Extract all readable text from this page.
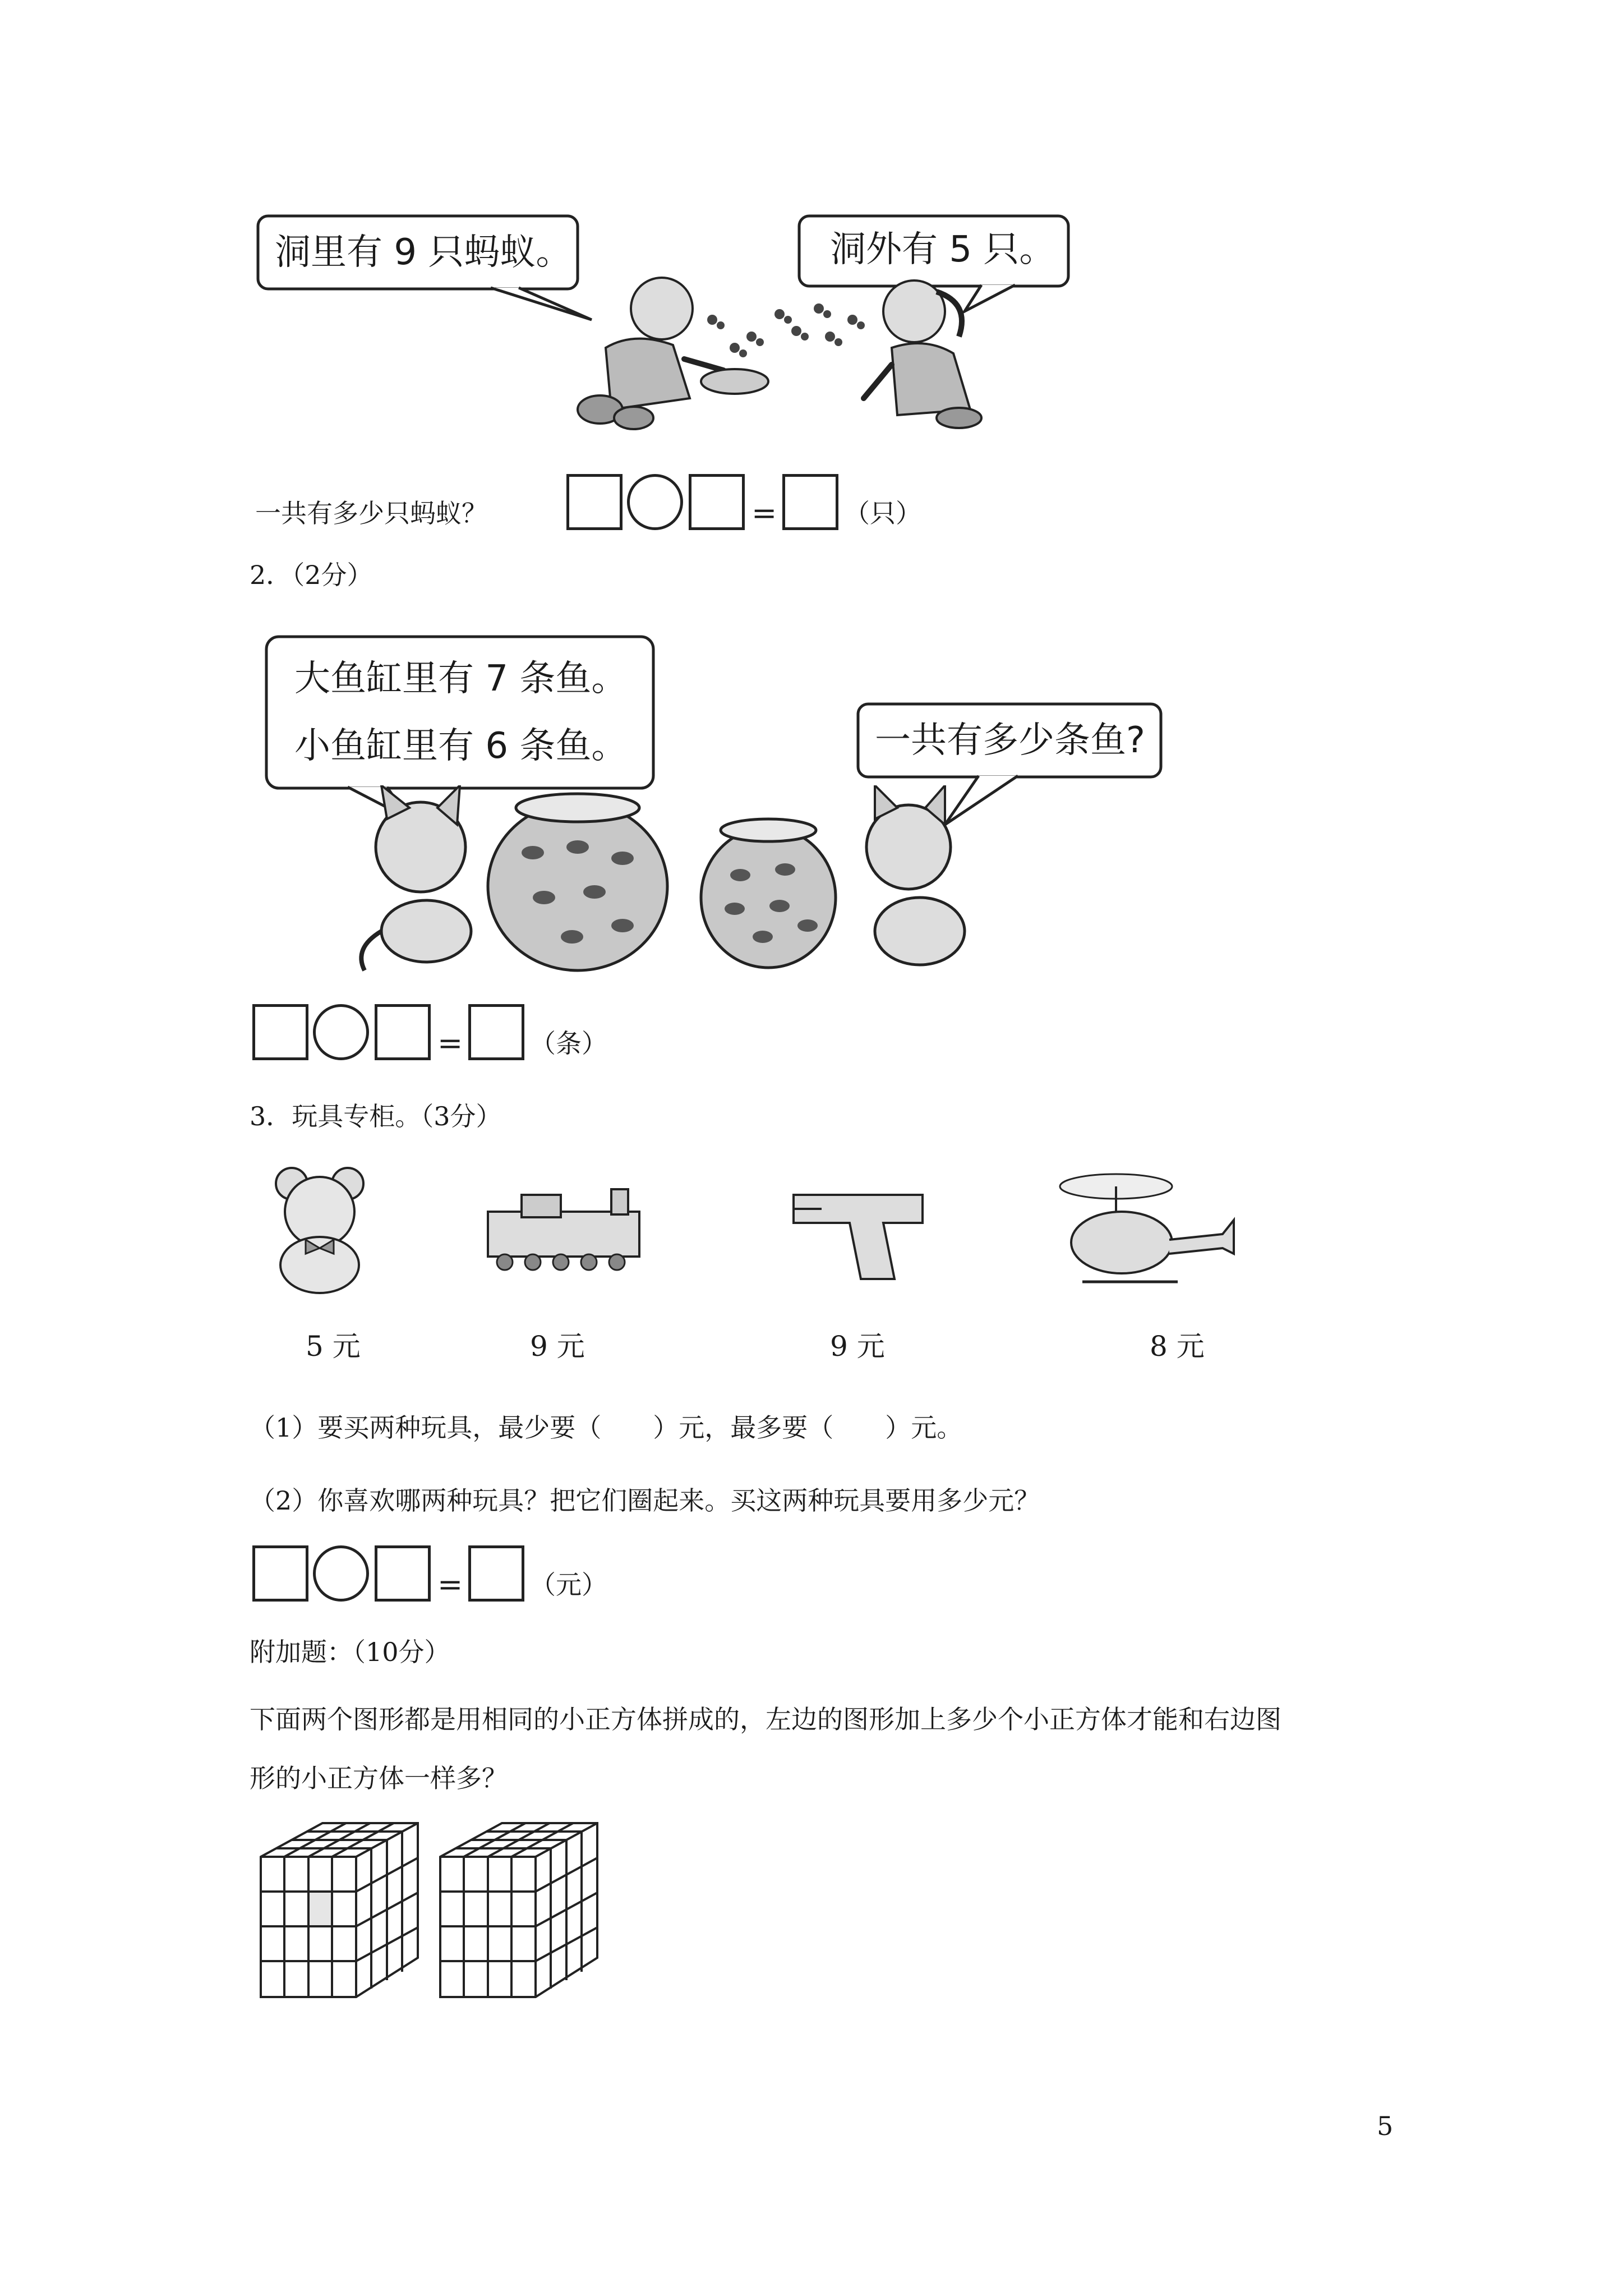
洞里有 9 只蚂蚁。	洞外有 5 只。
一共有多少只蚂蚁？	=	（只）
2．（2分）
大鱼缸里有 7 条鱼。
小鱼缸里有 6 条鱼。	一共有多少条鱼?
=	（条）
3．玩具专柜。（3分）
5 元	9 元	9 元	8 元
（1）要买两种玩具，最少要（　　）元，最多要（　　）元。
（2）你喜欢哪两种玩具？把它们圈起来。买这两种玩具要用多少元？
=	（元）
附加题：（10分）
下面两个图形都是用相同的小正方体拼成的，左边的图形加上多少个小正方体才能和右边图
形的小正方体一样多？
5
